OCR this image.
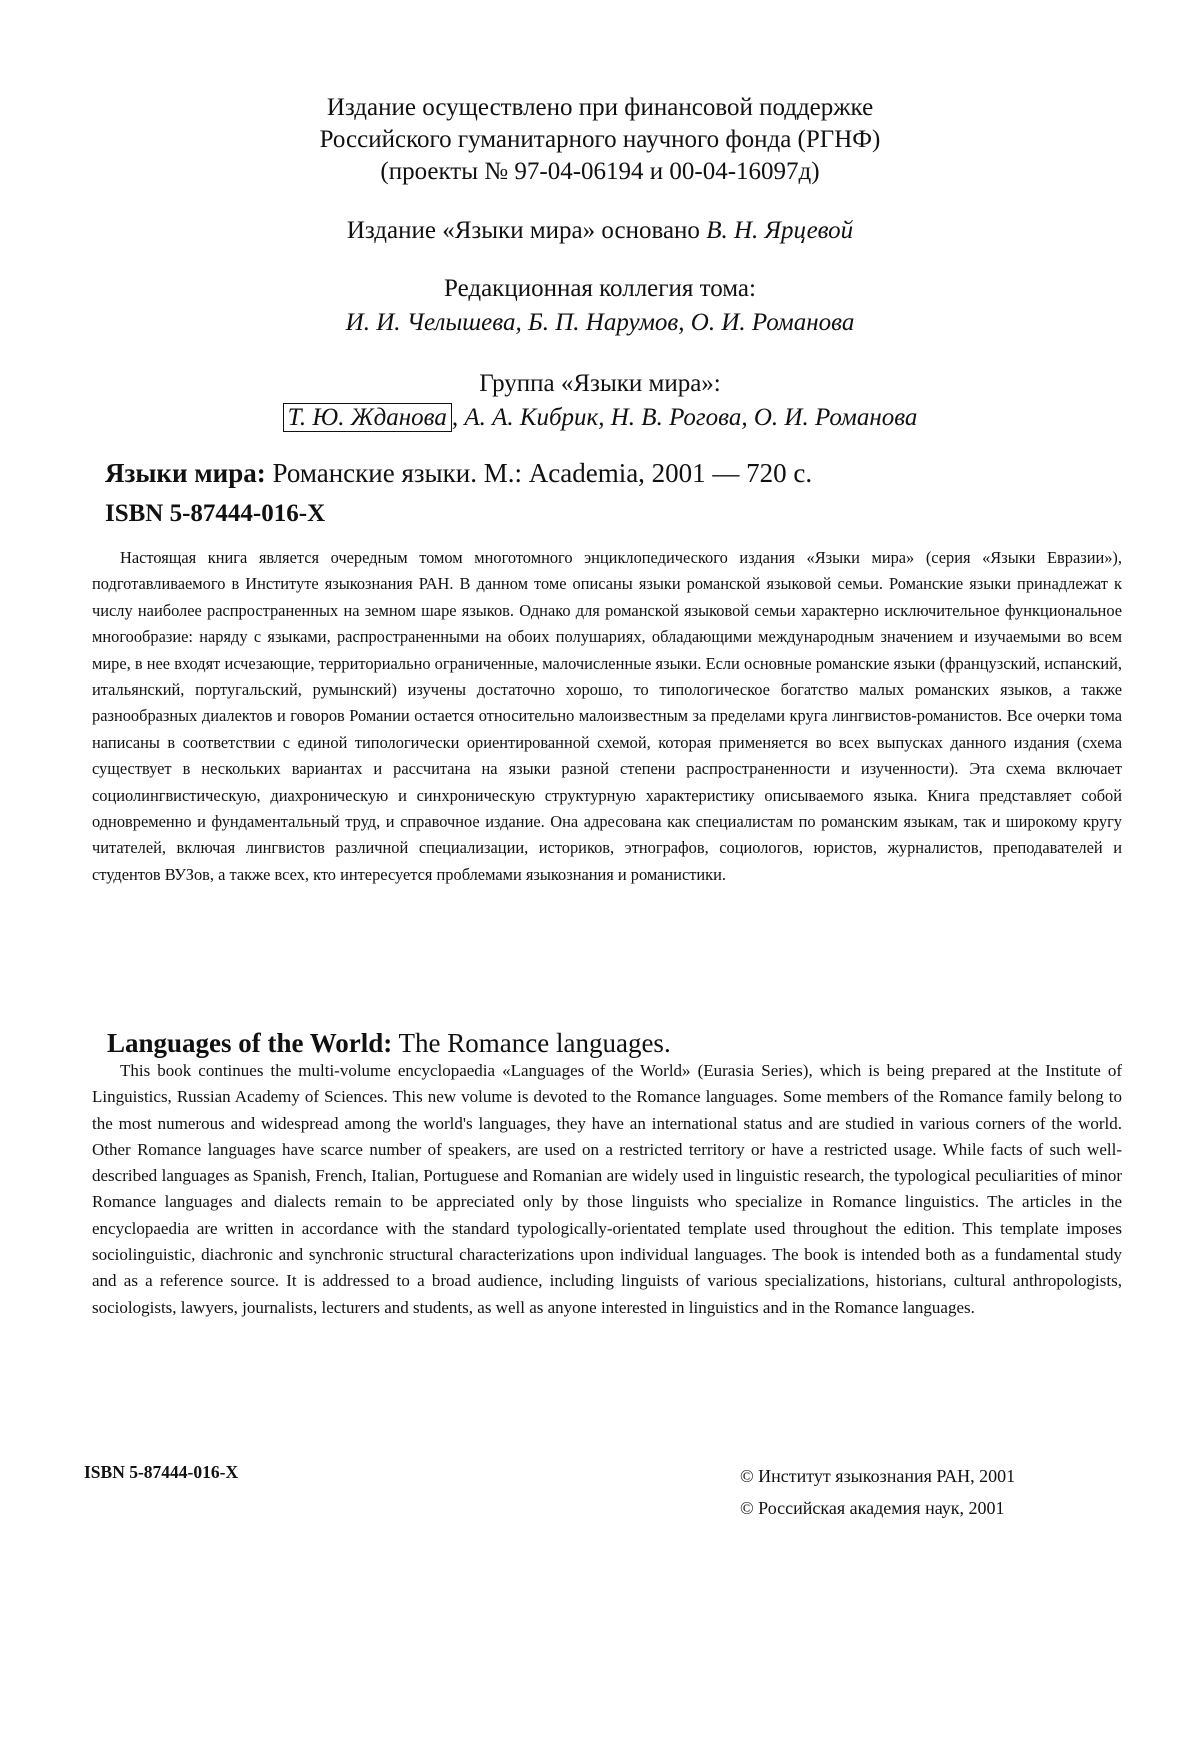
Издание осуществлено при финансовой поддержке
Российского гуманитарного научного фонда (РГНФ)
(проекты № 97-04-06194 и 00-04-16097д)
Издание «Языки мира» основано В. Н. Ярцевой
Редакционная коллегия тома:
И. И. Челышева, Б. П. Нарумов, О. И. Романова
Группа «Языки мира»:
Т. Ю. Жданова , А. А. Кибрик, Н. В. Рогова, О. И. Романова
Языки мира: Романские языки. М.: Academia, 2001 — 720 с.
ISBN 5-87444-016-X
Настоящая книга является очередным томом многотомного энциклопедического издания «Языки мира» (серия «Языки Евразии»), подготавливаемого в Институте языкознания РАН. В данном томе описаны языки романской языковой семьи. Романские языки принадлежат к числу наиболее распространенных на земном шаре языков. Однако для романской языковой семьи характерно исключительное функциональное многообразие: наряду с языками, распространенными на обоих полушариях, обладающими международным значением и изучаемыми во всем мире, в нее входят исчезающие, территориально ограниченные, малочисленные языки. Если основные романские языки (французский, испанский, итальянский, португальский, румынский) изучены достаточно хорошо, то типологическое богатство малых романских языков, а также разнообразных диалектов и говоров Романии остается относительно малоизвестным за пределами круга лингвистов-романистов. Все очерки тома написаны в соответствии с единой типологически ориентированной схемой, которая применяется во всех выпусках данного издания (схема существует в нескольких вариантах и рассчитана на языки разной степени распространенности и изученности). Эта схема включает социолингвистическую, диахроническую и синхроническую структурную характеристику описываемого языка. Книга представляет собой одновременно и фундаментальный труд, и справочное издание. Она адресована как специалистам по романским языкам, так и широкому кругу читателей, включая лингвистов различной специализации, историков, этнографов, социологов, юристов, журналистов, преподавателей и студентов ВУЗов, а также всех, кто интересуется проблемами языкознания и романистики.
Languages of the World: The Romance languages.
This book continues the multi-volume encyclopaedia «Languages of the World» (Eurasia Series), which is being prepared at the Institute of Linguistics, Russian Academy of Sciences. This new volume is devoted to the Romance languages. Some members of the Romance family belong to the most numerous and widespread among the world's languages, they have an international status and are studied in various corners of the world. Other Romance languages have scarce number of speakers, are used on a restricted territory or have a restricted usage. While facts of such well-described languages as Spanish, French, Italian, Portuguese and Romanian are widely used in linguistic research, the typological peculiarities of minor Romance languages and dialects remain to be appreciated only by those linguists who specialize in Romance linguistics. The articles in the encyclopaedia are written in accordance with the standard typologically-orientated template used throughout the edition. This template imposes sociolinguistic, diachronic and synchronic structural characterizations upon individual languages. The book is intended both as a fundamental study and as a reference source. It is addressed to a broad audience, including linguists of various specializations, historians, cultural anthropologists, sociologists, lawyers, journalists, lecturers and students, as well as anyone interested in linguistics and in the Romance languages.
ISBN 5-87444-016-X	© Институт языкознания РАН, 2001
© Российская академия наук, 2001
